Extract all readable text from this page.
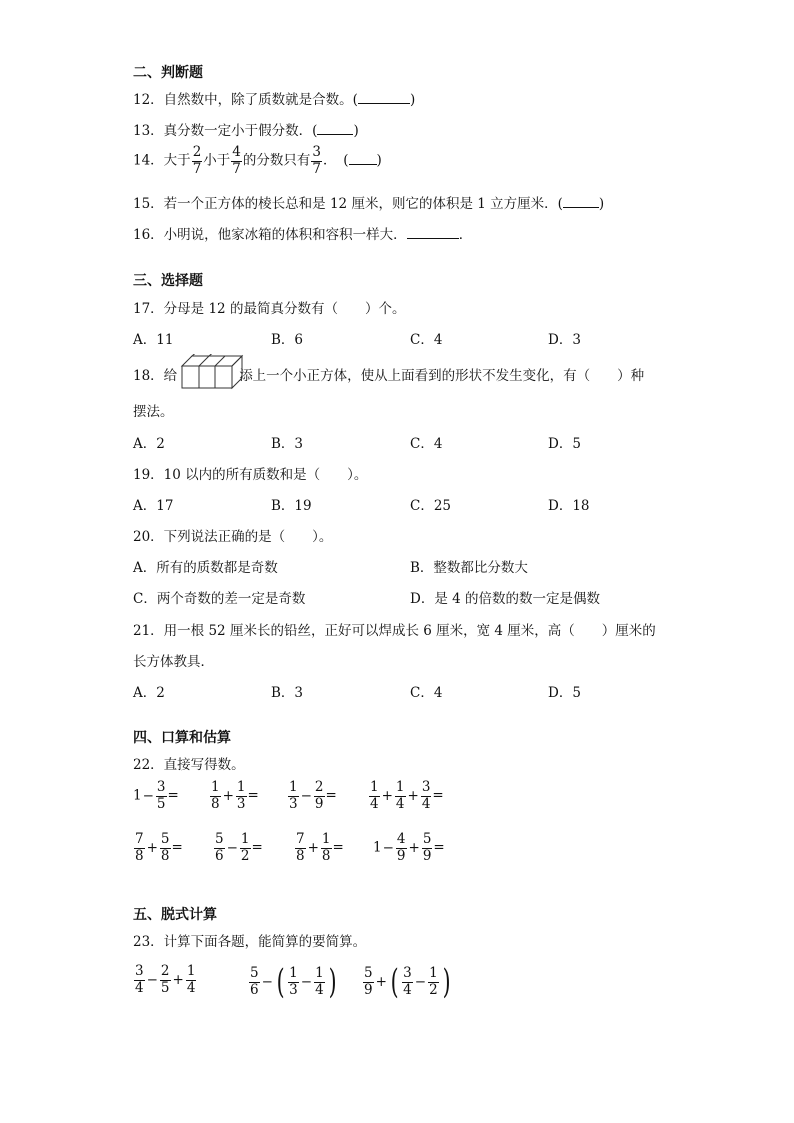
二、判断题
12．自然数中，除了质数就是合数。(	)
13．真分数一定小于假分数．(	)
14．大于 $\frac{2}{7}$ 小于 $\frac{4}{7}$ 的分数只有 $\frac{3}{7}$ ．　( )
15．若一个正方体的棱长总和是 12 厘米，则它的体积是 1 立方厘米．(	)
16．小明说，他家冰箱的体积和容积一样大．	．
三、选择题
17．分母是 12 的最简真分数有（　　）个。
A．11	B．6	C．4	D．3
18．给	添上一个小正方体，使从上面看到的形状不发生变化，有（　　）种
摆法。
A．2	B．3	C．4	D．5
19．10 以内的所有质数和是（　　）。
A．17	B．19	C．25	D．18
20．下列说法正确的是（　　）。
A．所有的质数都是奇数	B．整数都比分数大
C．两个奇数的差一定是奇数	D．是 4 的倍数的数一定是偶数
21．用一根 52 厘米长的铅丝，正好可以焊成长 6 厘米，宽 4 厘米，高（　　）厘米的
长方体教具．
A．2	B．3	C．4	D．5
四、口算和估算
22．直接写得数。
$1- \frac{3}{5} = \frac{1}{8} + \frac{1}{3} = \frac{1}{3} - \frac{2}{9} = \frac{1}{4} + \frac{1}{4} + \frac{3}{4}$ =
$\frac{7}{8} + \frac{5}{8} = \frac{5}{6} - \frac{1}{2} = \frac{7}{8} + \frac{1}{8} = 1- \frac{4}{9} + \frac{5}{9}$ =
五、脱式计算
23．计算下面各题，能简算的要简算。
$\frac{3}{4} - \frac{2}{5} + \frac{1}{4}$	$\frac{5}{6}$ − ( $\frac{1}{3} - \frac{1}{4}$ ) $\frac{5}{9}$ + ( $\frac{3}{4} - \frac{1}{2}$ )
